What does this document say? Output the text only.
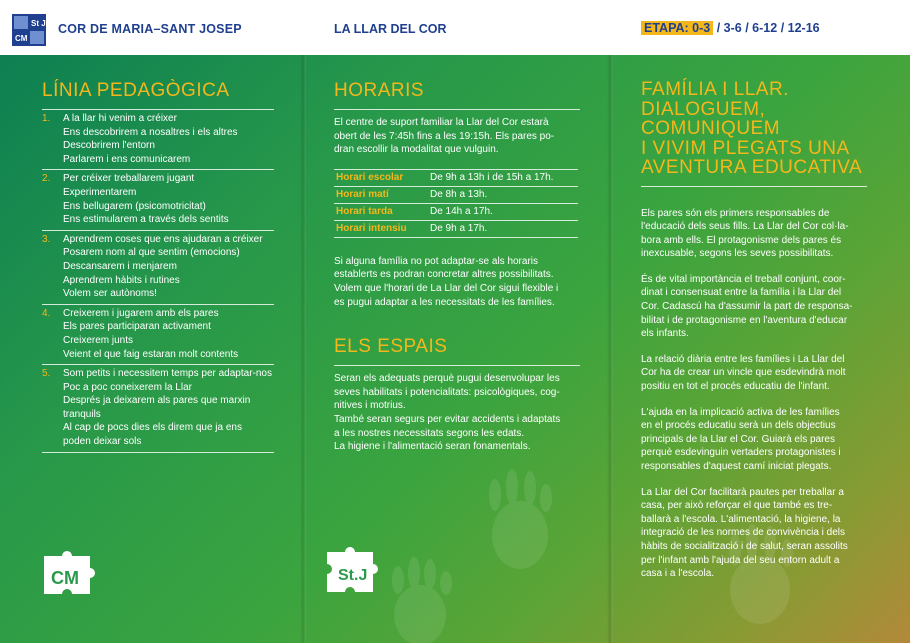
St J
CM
COR DE MARIA–SANT JOSEP	LA LLAR DEL COR	ETAPA: 0-3 / 3-6 / 6-12 / 12-16
LÍNIA PEDAGÒGICA
1. A la llar hi venim a créixer
Ens descobrirem a nosaltres i els altres
Descobrirem l'entorn
Parlarem i ens comunicarem
2. Per créixer treballarem jugant
Experimentarem
Ens bellugarem (psicomotricitat)
Ens estimularem a través dels sentits
3. Aprendrem coses que ens ajudaran a créixer
Posarem nom al que sentim (emocions)
Descansarem i menjarem
Aprendrem hàbits i rutines
Volem ser autònoms!
4. Creixerem i jugarem amb els pares
Els pares participaran activament
Creixerem junts
Veient el que faig estaran molt contents
5. Som petits i necessitem temps per adaptar-nos
Poc a poc coneixerem la Llar
Després ja deixarem als pares que marxin
tranquils
Al cap de pocs dies els direm que ja ens
poden deixar sols
CM
HORARIS

El centre de suport familiar la Llar del Cor estarà
obert de les 7:45h fins a les 19:15h. Els pares po-
dran escollir la modalitat que vulguin.

Horari escolar	De 9h a 13h i de 15h a 17h.
Horari matí	De 8h a 13h.
Horari tarda	De 14h a 17h.
Horari intensiu	De 9h a 17h.

Si alguna família no pot adaptar-se als horaris
establerts es podran concretar altres possibilitats.
Volem que l'horari de La Llar del Cor sigui flexible i
es pugui adaptar a les necessitats de les famílies.

ELS ESPAIS

Seran els adequats perquè pugui desenvolupar les
seves habilitats i potencialitats: psicològiques, cog-
nitives i motrius.
També seran segurs per evitar accidents i adaptats
a les nostres necessitats segons les edats.
La higiene i l'alimentació seran fonamentals.

St.J
FAMÍLIA I LLAR.
DIALOGUEM, COMUNIQUEM
I VIVIM PLEGATS UNA
AVENTURA EDUCATIVA

Els pares són els primers responsables de
l'educació dels seus fills. La Llar del Cor col·la-
bora amb ells. El protagonisme dels pares és
inexcusable, segons les seves possibilitats.

És de vital importància el treball conjunt, coor-
dinat i consensuat entre la família i la Llar del
Cor. Cadascú ha d'assumir la part de responsa-
bilitat i de protagonisme en l'aventura d'educar
els infants.

La relació diària entre les famílies i La Llar del
Cor ha de crear un vincle que esdevindrà molt
positiu en tot el procés educatiu de l'infant.

L'ajuda en la implicació activa de les famílies
en el procés educatiu serà un dels objectius
principals de la Llar el Cor. Guiarà els pares
perquè esdevinguin vertaders protagonistes i
responsables d'aquest camí iniciat plegats.

La Llar del Cor facilitarà pautes per treballar a
casa, per això reforçar el que també es tre-
ballarà a l'escola. L'alimentació, la higiene, la
integració de les normes de convivència i dels
hàbits de socialització i de salut, seran assolits
per l'infant amb l'ajuda del seu entorn adult a
casa i a l'escola.
